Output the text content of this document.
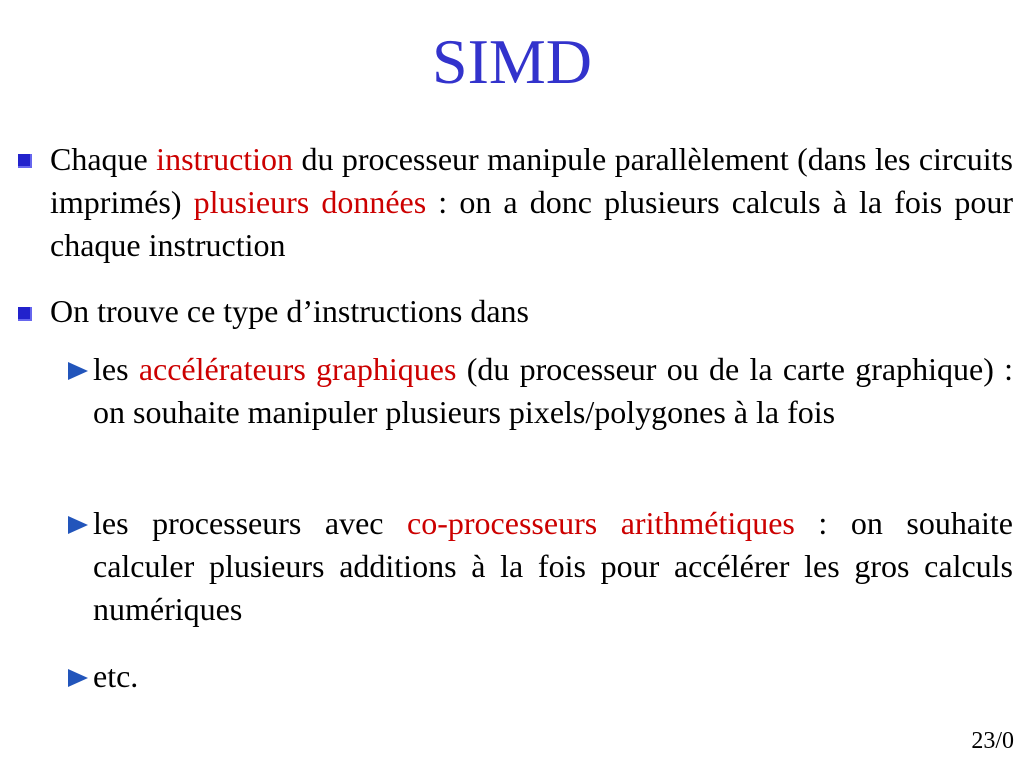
SIMD
Chaque instruction du processeur manipule parallèlement (dans les circuits imprimés) plusieurs données : on a donc plusieurs calculs à la fois pour chaque instruction
On trouve ce type d’instructions dans
les accélérateurs graphiques (du processeur ou de la carte graphique) : on souhaite manipuler plusieurs pixels/polygones à la fois
les processeurs avec co-processeurs arithmétiques : on souhaite calculer plusieurs additions à la fois pour accélérer les gros calculs numériques
etc.
23/0
